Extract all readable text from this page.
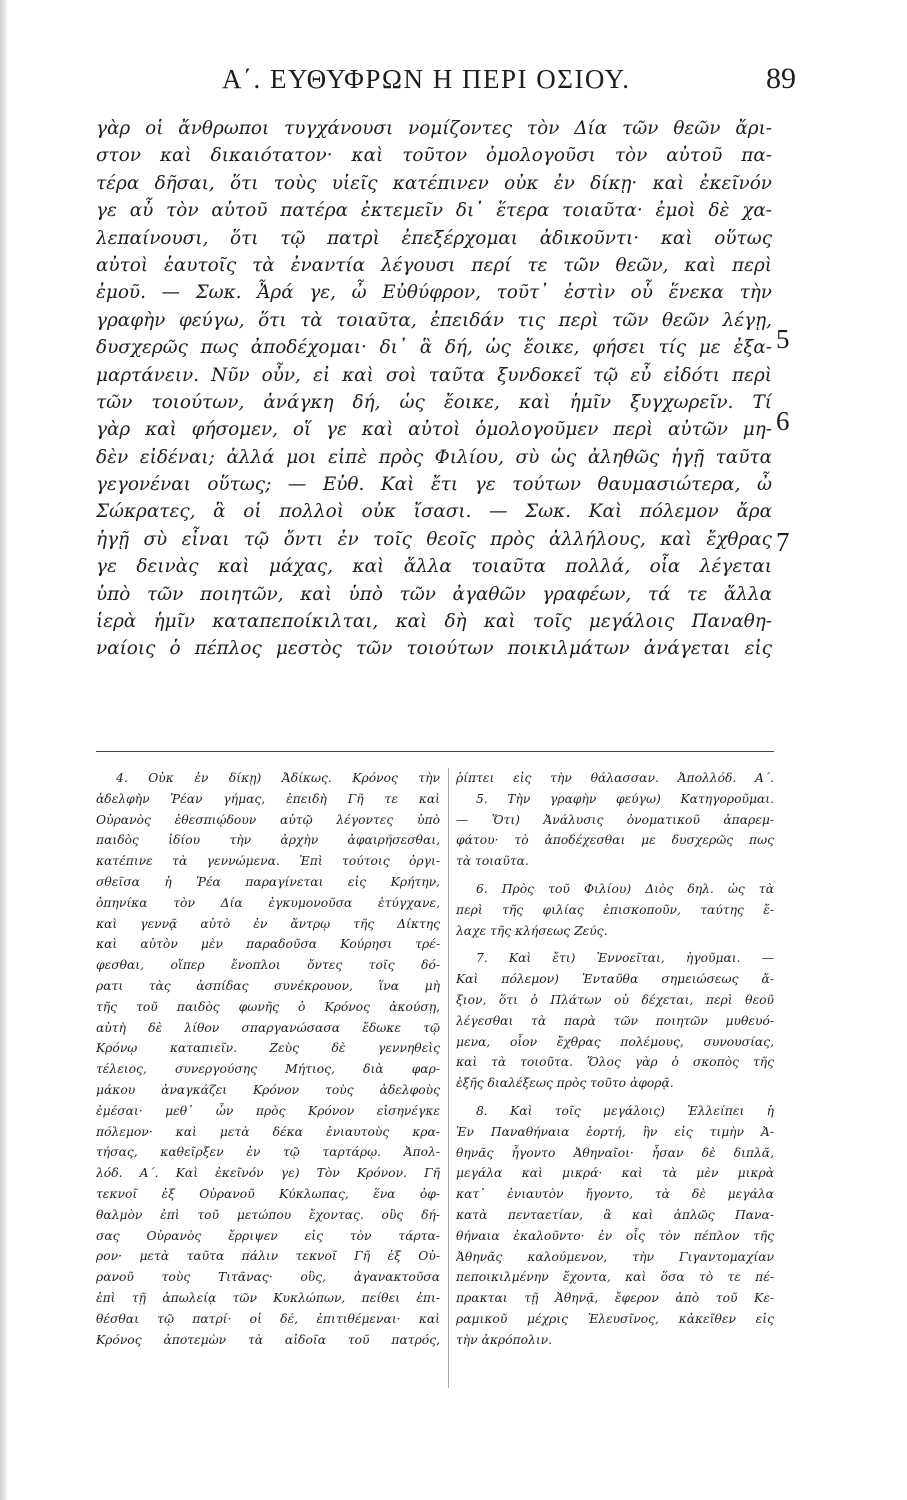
Α΄. ΕΥΘΥΦΡΩΝ Η ΠΕΡΙ ΟΣΙΟΥ.	89
γὰρ οἱ ἄνθρωποι τυγχάνουσι νομίζοντες τὸν Δία τῶν θεῶν ἄρι-
στον καὶ δικαιότατον· καὶ τοῦτον ὁμολογοῦσι τὸν αὐτοῦ πα-
τέρα δῆσαι, ὅτι τοὺς υἱεῖς κατέπινεν οὐκ ἐν δίκῃ· καὶ ἐκεῖνόν
γε αὖ τὸν αὑτοῦ πατέρα ἐκτεμεῖν δι᾽ ἕτερα τοιαῦτα· ἐμοὶ δὲ χα-
λεπαίνουσι, ὅτι τῷ πατρὶ ἐπεξέρχομαι ἀδικοῦντι· καὶ οὕτως
αὐτοὶ ἑαυτοῖς τὰ ἐναντία λέγουσι περί τε τῶν θεῶν, καὶ περὶ
ἐμοῦ. — Σωκ. Ἆρά γε, ὦ Εὐθύφρον, τοῦτ᾽ ἐστὶν οὗ ἕνεκα τὴν
γραφὴν φεύγω, ὅτι τὰ τοιαῦτα, ἐπειδάν τις περὶ τῶν θεῶν λέγῃ,
δυσχερῶς πως ἀποδέχομαι· δι᾽ ἃ δή, ὡς ἔοικε, φήσει τίς με ἐξα-
μαρτάνειν. Νῦν οὖν, εἰ καὶ σοὶ ταῦτα ξυνδοκεῖ τῷ εὖ εἰδότι περὶ
τῶν τοιούτων, ἀνάγκη δή, ὡς ἔοικε, καὶ ἡμῖν ξυγχωρεῖν. Τί
γὰρ καὶ φήσομεν, οἵ γε καὶ αὐτοὶ ὁμολογοῦμεν περὶ αὐτῶν μη-
δὲν εἰδέναι; ἀλλά μοι εἰπὲ πρὸς Φιλίου, σὺ ὡς ἀληθῶς ἡγῇ ταῦτα
γεγονέναι οὕτως; — Εὐθ. Καὶ ἔτι γε τούτων θαυμασιώτερα, ὦ
Σώκρατες, ἃ οἱ πολλοὶ οὐκ ἴσασι. — Σωκ. Καὶ πόλεμον ἄρα
ἡγῇ σὺ εἶναι τῷ ὄντι ἐν τοῖς θεοῖς πρὸς ἀλλήλους, καὶ ἔχθρας
γε δεινὰς καὶ μάχας, καὶ ἄλλα τοιαῦτα πολλά, οἷα λέγεται
ὑπὸ τῶν ποιητῶν, καὶ ὑπὸ τῶν ἀγαθῶν γραφέων, τά τε ἄλλα
ἱερὰ ἡμῖν καταπεποίκιλται, καὶ δὴ καὶ τοῖς μεγάλοις Παναθη-
ναίοις ὁ πέπλος μεστὸς τῶν τοιούτων ποικιλμάτων ἀνάγεται εἰς
5
6
7
4. Οὐκ ἐν δίκῃ) Ἀδίκως. Κρόνος τὴν
ἀδελφὴν Ῥέαν γήμας, ἐπειδὴ Γῆ τε καὶ
Οὐρανὸς ἐθεσπιῴδουν αὐτῷ λέγοντες ὑπὸ
παιδὸς ἰδίου τὴν ἀρχὴν ἀφαιρήσεσθαι,
κατέπινε τὰ γεννώμενα. Ἐπὶ τούτοις ὀργι-
σθεῖσα ἡ Ῥέα παραγίνεται εἰς Κρήτην,
ὁπηνίκα τὸν Δία ἐγκυμονοῦσα ἐτύγχανε,
καὶ γεννᾷ αὐτὸ ἐν ἄντρῳ τῆς Δίκτης
καὶ αὐτὸν μὲν παραδοῦσα Κούρησι τρέ-
φεσθαι, οἵπερ ἔνοπλοι ὄντες τοῖς δό-
ρατι τὰς ἀσπίδας συνέκρουον, ἵνα μὴ
τῆς τοῦ παιδὸς φωνῆς ὁ Κρόνος ἀκούσῃ,
αὐτὴ δὲ λίθον σπαργανώσασα ἔδωκε τῷ
Κρόνῳ καταπιεῖν. Ζεὺς δὲ γεννηθεὶς
τέλειος, συνεργούσης Μήτιος, διὰ φαρ-
μάκου ἀναγκάζει Κρόνον τοὺς ἀδελφοὺς
ἐμέσαι· μεθ᾽ ὧν πρὸς Κρόνον εἰσηνέγκε
πόλεμον· καὶ μετὰ δέκα ἐνιαυτοὺς κρα-
τήσας, καθεῖρξεν ἐν τῷ ταρτάρῳ. Ἀπολ-
λόδ. Α΄. Καὶ ἐκεῖνόν γε) Τὸν Κρόνον. Γῆ
τεκνοῖ ἐξ Οὐρανοῦ Κύκλωπας, ἕνα ὀφ-
θαλμὸν ἐπὶ τοῦ μετώπου ἔχοντας. οὓς δή-
σας Οὐρανὸς ἔρριψεν εἰς τὸν τάρτα-
ρον· μετὰ ταῦτα πάλιν τεκνοῖ Γῆ ἐξ Οὐ-
ρανοῦ τοὺς Τιτᾶνας· οὓς, ἀγανακτοῦσα
ἐπὶ τῇ ἀπωλείᾳ τῶν Κυκλώπων, πείθει ἐπι-
θέσθαι τῷ πατρί· οἱ δέ, ἐπιτιθέμεναι· καὶ
Κρόνος ἀποτεμὼν τὰ αἰδοῖα τοῦ πατρός,
ῥίπτει εἰς τὴν θάλασσαν. Ἀπολλόδ. Α΄.
5. Τὴν γραφὴν φεύγω) Κατηγοροῦμαι.
— Ὅτι) Ἀνάλυσις ὀνοματικοῦ ἀπαρεμ-
φάτου· τὸ ἀποδέχεσθαι με δυσχερῶς πως
τὰ τοιαῦτα.
6. Πρὸς τοῦ Φιλίου) Διὸς δηλ. ὡς τὰ
περὶ τῆς φιλίας ἐπισκοποῦν, ταύτης ἔ-
λαχε τῆς κλήσεως Ζεύς.
7. Καὶ ἔτι) Ἐννοεῖται, ἡγοῦμαι. —
Καὶ πόλεμον) Ἐνταῦθα σημειώσεως ἄ-
ξιον, ὅτι ὁ Πλάτων οὐ δέχεται, περὶ θεοῦ
λέγεσθαι τὰ παρὰ τῶν ποιητῶν μυθευό-
μενα, οἷον ἔχθρας πολέμους, συνουσίας,
καὶ τὰ τοιοῦτα. Ὅλος γὰρ ὁ σκοπὸς τῆς
ἑξῆς διαλέξεως πρὸς τοῦτο ἀφορᾷ.
8. Καὶ τοῖς μεγάλοις) Ἐλλείπει ἡ
Ἐν Παναθήναια ἑορτή, ἣν εἰς τιμὴν Ἀ-
θηνᾶς ἦγοντο Ἀθηναῖοι· ἦσαν δὲ διπλᾶ,
μεγάλα καὶ μικρά· καὶ τὰ μὲν μικρὰ
κατ᾽ ἐνιαυτὸν ἤγοντο, τὰ δὲ μεγάλα
κατὰ πενταετίαν, ἃ καὶ ἁπλῶς Πανα-
θήναια ἐκαλοῦντο· ἐν οἷς τὸν πέπλον τῆς
Ἀθηνᾶς καλούμενον, τὴν Γιγαντομαχίαν
πεποικιλμένην ἔχοντα, καὶ ὅσα τὸ τε πέ-
πρακται τῇ Ἀθηνᾷ, ἔφερον ἀπὸ τοῦ Κε-
ραμικοῦ μέχρις Ἐλευσῖνος, κἀκεῖθεν εἰς
τὴν ἀκρόπολιν.
